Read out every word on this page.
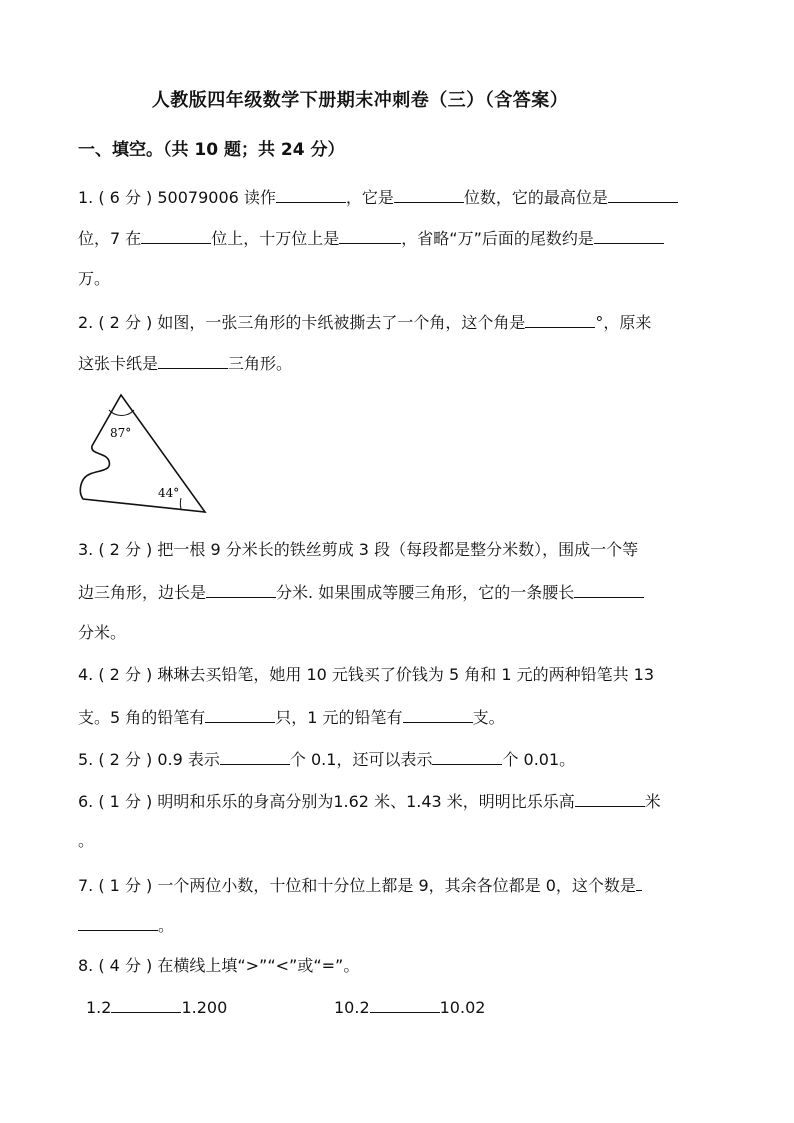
人教版四年级数学下册期末冲刺卷（三）（含答案）
一、填空。（共 10 题；共 24 分）
1. ( 6 分 ) 50079006 读作	，它是	位数，它的最高位是
位，7 在	位上，十万位上是	，省略“万”后面的尾数约是
万。
2. ( 2 分 ) 如图，一张三角形的卡纸被撕去了一个角，这个角是	°，原来
这张卡纸是	三角形。
87°
44°
3. ( 2 分 ) 把一根 9 分米长的铁丝剪成 3 段（每段都是整分米数），围成一个等
边三角形，边长是	分米. 如果围成等腰三角形，它的一条腰长
分米。
4. ( 2 分 ) 琳琳去买铅笔，她用 10 元钱买了价钱为 5 角和 1 元的两种铅笔共 13
支。5 角的铅笔有	只，1 元的铅笔有	支。
5. ( 2 分 ) 0.9 表示	个 0.1，还可以表示	个 0.01。
6. ( 1 分 ) 明明和乐乐的身高分别为1.62 米、1.43 米，明明比乐乐高	米
。
7. ( 1 分 ) 一个两位小数，十位和十分位上都是 9，其余各位都是 0，这个数是
。
8. ( 4 分 ) 在横线上填“>”“<”或“=”。
1.2	1.200	10.2	10.02
